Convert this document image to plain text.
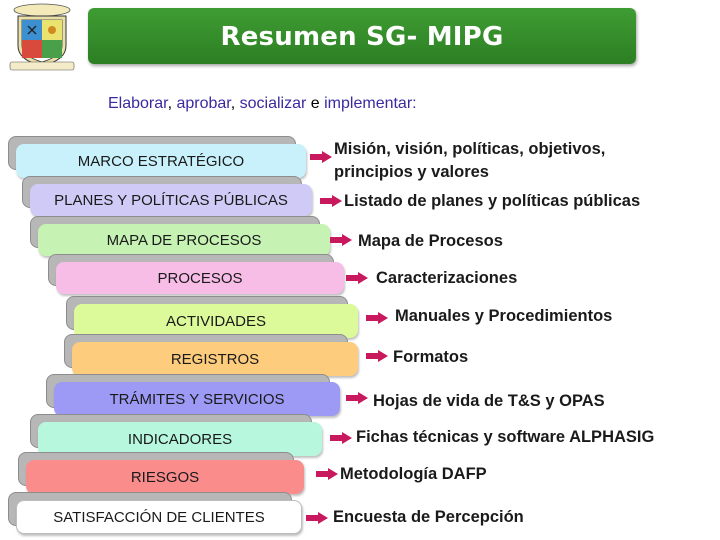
Resumen SG- MIPG
Elaborar, aprobar, socializar e implementar:
MARCO ESTRATÉGICO
PLANES Y POLÍTICAS PÚBLICAS
MAPA DE PROCESOS
PROCESOS
ACTIVIDADES
REGISTROS
TRÁMITES Y SERVICIOS
INDICADORES
RIESGOS
SATISFACCIÓN DE CLIENTES
Misión, visión, políticas, objetivos, principios y valores
Listado de planes y políticas públicas
Mapa de Procesos
Caracterizaciones
Manuales y Procedimientos
Formatos
Hojas de vida de T&S y OPAS
Fichas técnicas y software ALPHASIG
Metodología DAFP
Encuesta de Percepción
